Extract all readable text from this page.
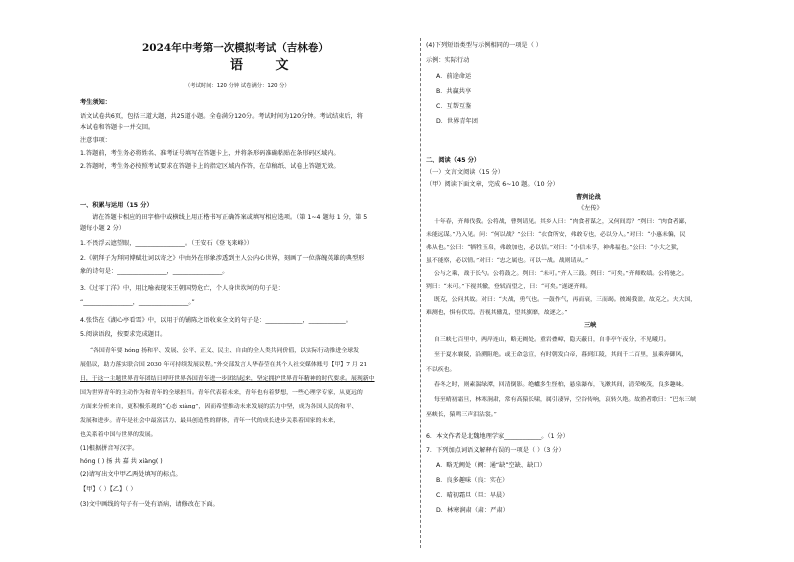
2024年中考第一次模拟考试（吉林卷）
语 文
（考试时间：120 分钟 试卷满分：120 分）
考生须知：
语文试卷共6页，包括三道大题，共25道小题。全卷满分120分。考试时间为120分钟。考试结束后，将
本试卷和答题卡一并交回。
注意事项：
1.答题前，考生务必将姓名、准考证号填写在答题卡上，并将条形码准确粘贴在条形码区域内。
2.答题时，考生务必按照考试要求在答题卡上的指定区域内作答，在草稿纸、试卷上答题无效。
一、积累与运用（15 分）
请在答题卡相应的田字格中或横线上用正楷书写正确答案或填写相应选项。（第 1~4 题每 1 分，第 5
题每小题 2 分）
1.不畏浮云遮望眼，________________。（王安石《登飞来峰》）
2.《朝拜子为拜同博赋壮词以寄之》中由外在形象涉透到主人公内心世界，刻画了一位落魄英雄的典型形
象的诗句是：________________，________________。
3.《过零丁洋》中，用比喻表现宋王朝国势危亡，个人身世坎坷的句子是：
“________________，________________。”
4.张岱在《湖心亭看雪》中，以用于的铺陈之语收束全文的句子是：____________，____________。
5.阅读语段，按要求完成题目。
“各国青年要 hóng 扬和平、发展、公平、正义、民主、自由的全人类共同价值，以实际行动推进全球发
展倡议，助力落实联合国 2030 年可持续发展议程。”外交部发言人华春莹在其个人社交媒体账号【甲】7 月 21
日，于这一主题世界青年团结日呼吁世界各国青年进一步团结起来，坚定拥护世界青年精神的时代要求。展现新中
国为世界青年的主动作为和青年的全球担当。青年代表着未来，青年也有着梦想，一些心理学专家，从更远的
方面来分析来自，更积极乐观的“心态 xiàng”，因而希望推动未来发展的活力中坚，成为各国人民的和平、
发展和进步。青年是社会中最富活力、最具创造性的群体，青年一代的成长进步关系着国家的未来，
也关系着中国与世界的发展。
(1)根据拼音写汉字。
hóng ( ) 扬 共 嘉 共 xiàng( )
(2)请写出文中甲乙两处填写的标点。
【甲】（ ）【乙】（ ）
(3)文中画线的句子有一处有语病，请修改在下面。
(4)下列短语类型与示例相同的一项是（ ）
示例：实际行动
A．前途命运
B．共赢共享
C．互帮互鉴
D．世界青年团
二、阅读（45 分）
（一）文言文阅读（15 分）
（甲）阅读下面文章，完成 6~10 题。（10 分）
曹刿论战
《左传》
十年春，齐师伐我。公将战，曹刿请见。其乡人曰：“肉食者谋之，又何间焉？”刿曰：“肉食者鄙，
未能远谋。”乃入见。问：“何以战？”公曰：“衣食所安，弗敢专也，必以分人。”对曰：“小惠未徧，民
弗从也。”公曰：“牺牲玉帛，弗敢加也，必以信。”对曰：“小信未孚，神弗福也。”公曰：“小大之狱，
虽不能察，必以情。”对曰：“忠之属也。可以一战。战则请从。”
公与之乘，战于长勺。公将鼓之。刿曰：“未可。”齐人三鼓。刿曰：“可矣。”齐师败绩。公将驰之。
刿曰：“未可。”下视其辙，登轼而望之，曰：“可矣。”遂逐齐师。
既克，公问其故。对曰：“夫战，勇气也。一鼓作气，再而衰，三而竭。彼竭我盈，故克之。夫大国，
难测也，惧有伏焉。吾视其辙乱，望其旗靡，故逐之。”
三峡
自三峡七百里中，两岸连山，略无阙处。重岩叠嶂，隐天蔽日，自非亭午夜分，不见曦月。
至于夏水襄陵，沿溯阻绝。或王命急宣，有时朝发白帝，暮到江陵，其间千二百里，虽乘奔御风，
不以疾也。
春冬之时，则素湍绿潭，回清倒影。绝巘多生怪柏，悬泉瀑布，飞漱其间，清荣峻茂，良多趣味。
每至晴初霜旦，林寒涧肃，常有高猿长啸，属引凄异，空谷传响，哀转久绝。故渔者歌曰：“巴东三峡
巫峡长，猿鸣三声泪沾裳。”
6．本文作者是北魏地理学家____________。（1 分）
7．下列加点词语义解释有误的一项是（ ）（3 分）
A．略无阙处（阙：通“缺”空缺、缺口）
B．良多趣味（良：实在）
C．晴初霜旦（旦：早晨）
D．林寒涧肃（肃：严肃）
